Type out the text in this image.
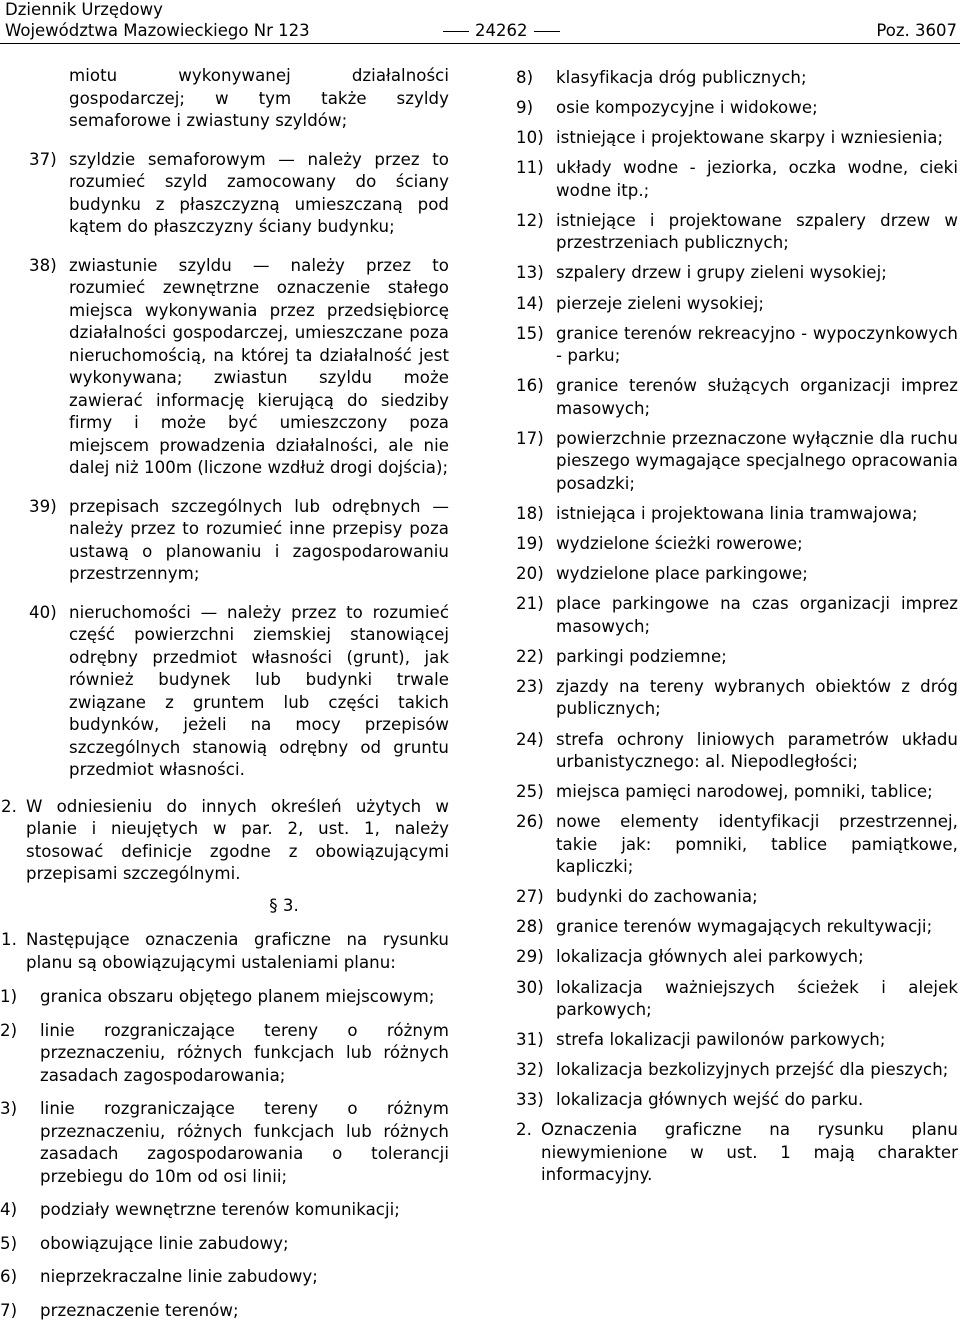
Dziennik Urzędowy
Województwa Mazowieckiego Nr 123	24262	Poz. 3607
miotu wykonywanej działalności gospodarczej; w tym także szyldy semaforowe i zwiastuny szyldów;
37) szyldzie semaforowym — należy przez to rozumieć szyld zamocowany do ściany budynku z płaszczyzną umieszczaną pod kątem do płaszczyzny ściany budynku;
38) zwiastunie szyldu — należy przez to rozumieć zewnętrzne oznaczenie stałego miejsca wykonywania przez przedsiębiorcę działalności gospodarczej, umieszczane poza nieruchomością, na której ta działalność jest wykonywana; zwiastun szyldu może zawierać informację kierującą do siedziby firmy i może być umieszczony poza miejscem prowadzenia działalności, ale nie dalej niż 100m (liczone wzdłuż drogi dojścia);
39) przepisach szczególnych lub odrębnych — należy przez to rozumieć inne przepisy poza ustawą o planowaniu i zagospodarowaniu przestrzennym;
40) nieruchomości — należy przez to rozumieć część powierzchni ziemskiej stanowiącej odrębny przedmiot własności (grunt), jak również budynek lub budynki trwale związane z gruntem lub części takich budynków, jeżeli na mocy przepisów szczególnych stanowią odrębny od gruntu przedmiot własności.
2. W odniesieniu do innych określeń użytych w planie i nieujętych w par. 2, ust. 1, należy stosować definicje zgodne z obowiązującymi przepisami szczególnymi.
§ 3.
1. Następujące oznaczenia graficzne na rysunku planu są obowiązującymi ustaleniami planu:
1)	granica obszaru objętego planem miejscowym;
2)	linie rozgraniczające tereny o różnym przeznaczeniu, różnych funkcjach lub różnych zasadach zagospodarowania;
3)	linie rozgraniczające tereny o różnym przeznaczeniu, różnych funkcjach lub różnych zasadach zagospodarowania o tolerancji przebiegu do 10m od osi linii;
4)	podziały wewnętrzne terenów komunikacji;
5)	obowiązujące linie zabudowy;
6)	nieprzekraczalne linie zabudowy;
7)	przeznaczenie terenów;
8)	klasyfikacja dróg publicznych;
9)	osie kompozycyjne i widokowe;
10) istniejące i projektowane skarpy i wzniesienia;
11) układy wodne - jeziorka, oczka wodne, cieki wodne itp.;
12) istniejące i projektowane szpalery drzew w przestrzeniach publicznych;
13) szpalery drzew i grupy zieleni wysokiej;
14) pierzeje zieleni wysokiej;
15) granice terenów rekreacyjno - wypoczynkowych - parku;
16) granice terenów służących organizacji imprez masowych;
17) powierzchnie przeznaczone wyłącznie dla ruchu pieszego wymagające specjalnego opracowania posadzki;
18) istniejąca i projektowana linia tramwajowa;
19) wydzielone ścieżki rowerowe;
20) wydzielone place parkingowe;
21) place parkingowe na czas organizacji imprez masowych;
22) parkingi podziemne;
23) zjazdy na tereny wybranych obiektów z dróg publicznych;
24) strefa ochrony liniowych parametrów układu urbanistycznego: al. Niepodległości;
25) miejsca pamięci narodowej, pomniki, tablice;
26) nowe elementy identyfikacji przestrzennej, takie jak: pomniki, tablice pamiątkowe, kapliczki;
27) budynki do zachowania;
28) granice terenów wymagających rekultywacji;
29) lokalizacja głównych alei parkowych;
30) lokalizacja ważniejszych ścieżek i alejek parkowych;
31) strefa lokalizacji pawilonów parkowych;
32) lokalizacja bezkolizyjnych przejść dla pieszych;
33) lokalizacja głównych wejść do parku.
2. Oznaczenia graficzne na rysunku planu niewymienione w ust. 1 mają charakter informacyjny.
